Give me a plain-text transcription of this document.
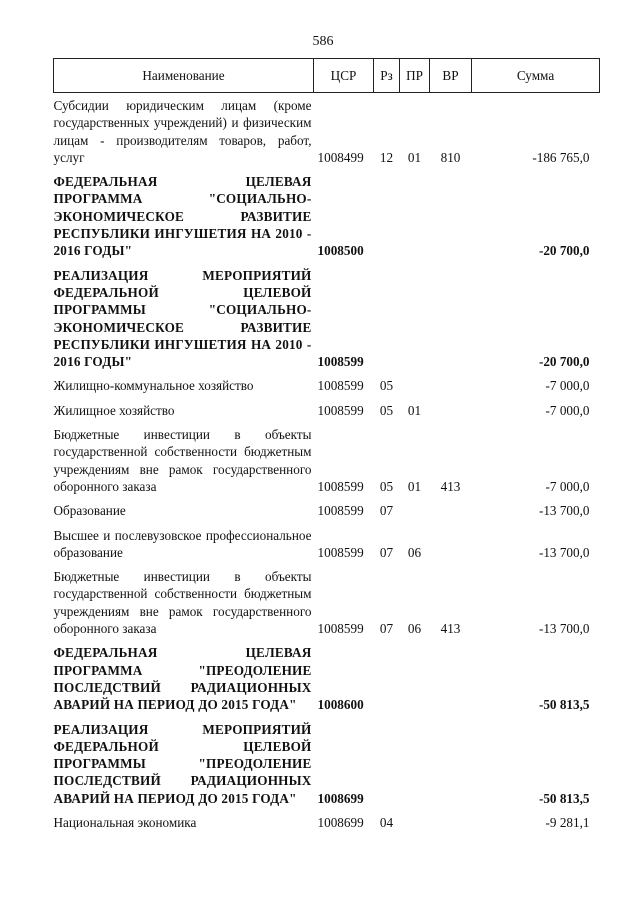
586
Наименование	ЦСР	Рз	ПР	ВР	Сумма
Субсидии юридическим лицам (кроме государственных учреждений) и физическим лицам - производителям товаров, работ, услуг	1008499	12	01	810	-186 765,0
ФЕДЕРАЛЬНАЯ ЦЕЛЕВАЯ ПРОГРАММА "СОЦИАЛЬНО-ЭКОНОМИЧЕСКОЕ РАЗВИТИЕ РЕСПУБЛИКИ ИНГУШЕТИЯ НА 2010 - 2016 ГОДЫ"	1008500				-20 700,0
РЕАЛИЗАЦИЯ МЕРОПРИЯТИЙ ФЕДЕРАЛЬНОЙ ЦЕЛЕВОЙ ПРОГРАММЫ "СОЦИАЛЬНО-ЭКОНОМИЧЕСКОЕ РАЗВИТИЕ РЕСПУБЛИКИ ИНГУШЕТИЯ НА 2010 - 2016 ГОДЫ"	1008599				-20 700,0
Жилищно-коммунальное хозяйство	1008599	05			-7 000,0
Жилищное хозяйство	1008599	05	01		-7 000,0
Бюджетные инвестиции в объекты государственной собственности бюджетным учреждениям вне рамок государственного оборонного заказа	1008599	05	01	413	-7 000,0
Образование	1008599	07			-13 700,0
Высшее и послевузовское профессиональное образование	1008599	07	06		-13 700,0
Бюджетные инвестиции в объекты государственной собственности бюджетным учреждениям вне рамок государственного оборонного заказа	1008599	07	06	413	-13 700,0
ФЕДЕРАЛЬНАЯ ЦЕЛЕВАЯ ПРОГРАММА "ПРЕОДОЛЕНИЕ ПОСЛЕДСТВИЙ РАДИАЦИОННЫХ АВАРИЙ НА ПЕРИОД ДО 2015 ГОДА"	1008600				-50 813,5
РЕАЛИЗАЦИЯ МЕРОПРИЯТИЙ ФЕДЕРАЛЬНОЙ ЦЕЛЕВОЙ ПРОГРАММЫ "ПРЕОДОЛЕНИЕ ПОСЛЕДСТВИЙ РАДИАЦИОННЫХ АВАРИЙ НА ПЕРИОД ДО 2015 ГОДА"	1008699				-50 813,5
Национальная экономика	1008699	04			-9 281,1
